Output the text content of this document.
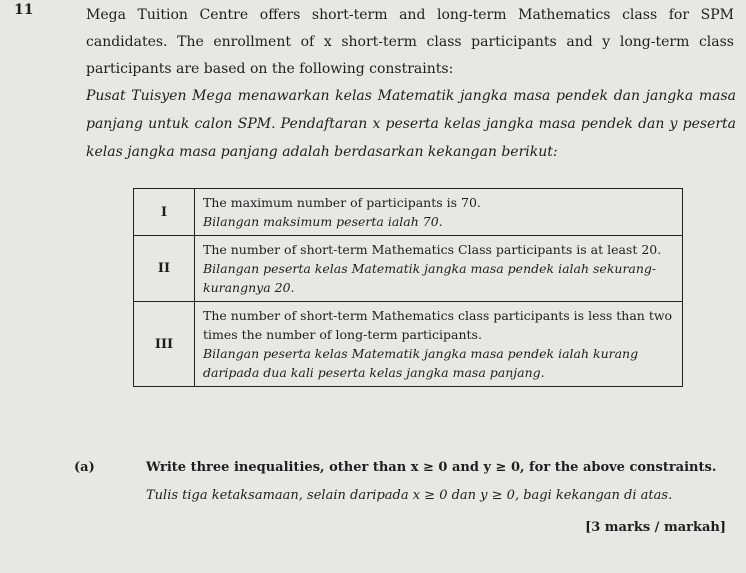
11	Mega Tuition Centre offers short-term and long-term Mathematics class for SPM candidates. The enrollment of x short-term class participants and y long-term class participants are based on the following constraints:
Pusat Tuisyen Mega menawarkan kelas Matematik jangka masa pendek dan jangka masa panjang untuk calon SPM. Pendaftaran x peserta kelas jangka masa pendek dan y peserta kelas jangka masa panjang adalah berdasarkan kekangan berikut:
I	The maximum number of participants is 70.
Bilangan maksimum peserta ialah 70.

II	The number of short-term Mathematics Class participants is at least 20.
Bilangan peserta kelas Matematik jangka masa pendek ialah sekurang-kurangnya 20.

III	The number of short-term Mathematics class participants is less than two times the number of long-term participants.
Bilangan peserta kelas Matematik jangka masa pendek ialah kurang daripada dua kali peserta kelas jangka masa panjang.
(a)	Write three inequalities, other than x ≥ 0 and y ≥ 0, for the above constraints.
Tulis tiga ketaksamaan, selain daripada x ≥ 0 dan y ≥ 0, bagi kekangan di atas.
[3 marks / markah]
